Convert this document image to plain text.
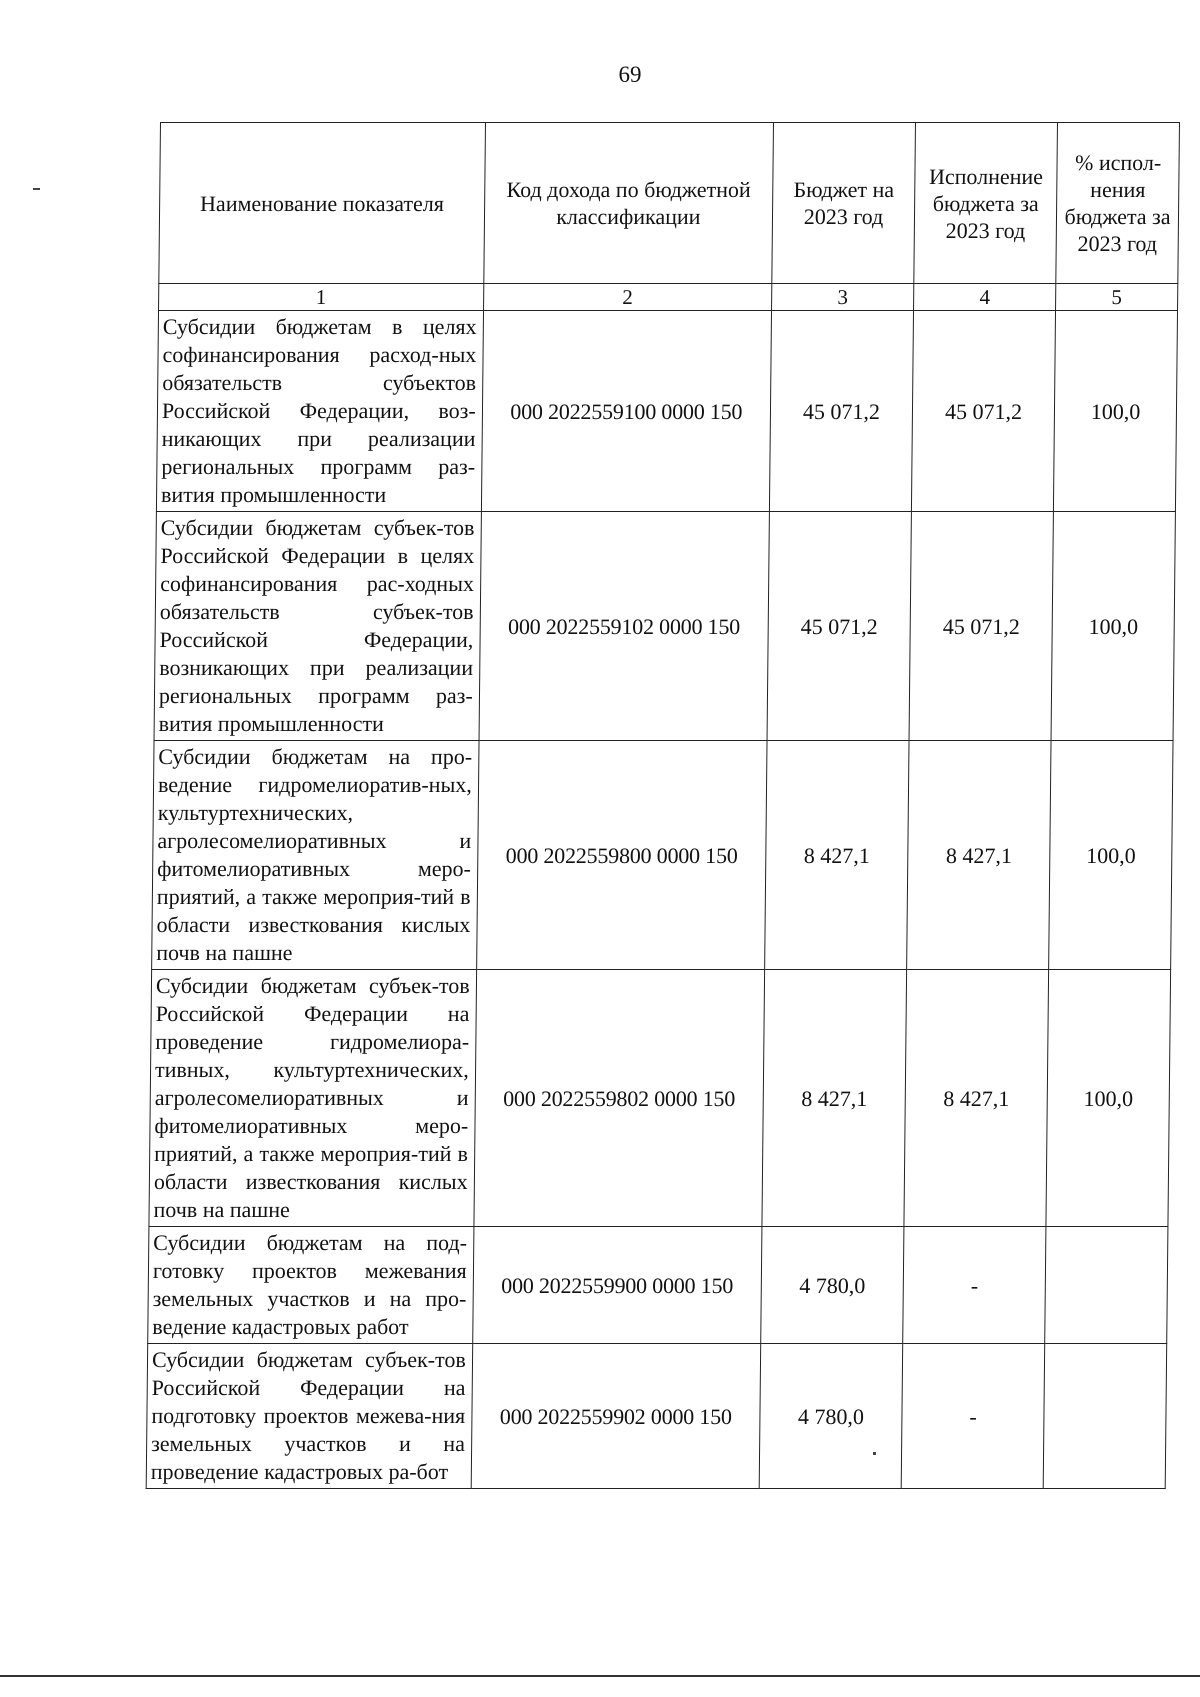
69
Наименование показателя	Код дохода по бюджетной классификации	Бюджет на 2023 год	Исполнение бюджета за 2023 год	% испол-нения бюджета за 2023 год
1	2	3	4	5
Субсидии бюджетам в целях софинансирования расход-ных обязательств субъектов Российской Федерации, воз-никающих при реализации региональных программ раз-вития промышленности	000 2022559100 0000 150	45 071,2	45 071,2	100,0
Субсидии бюджетам субъек-тов Российской Федерации в целях софинансирования рас-ходных обязательств субъек-тов Российской Федерации, возникающих при реализации региональных программ раз-вития промышленности	000 2022559102 0000 150	45 071,2	45 071,2	100,0
Субсидии бюджетам на про-ведение гидромелиоратив-ных, культуртехнических, агролесомелиоративных и фитомелиоративных меро-приятий, а также мероприя-тий в области известкования кислых почв на пашне	000 2022559800 0000 150	8 427,1	8 427,1	100,0
Субсидии бюджетам субъек-тов Российской Федерации на проведение гидромелиора-тивных, культуртехнических, агролесомелиоративных и фитомелиоративных меро-приятий, а также мероприя-тий в области известкования кислых почв на пашне	000 2022559802 0000 150	8 427,1	8 427,1	100,0
Субсидии бюджетам на под-готовку проектов межевания земельных участков и на про-ведение кадастровых работ	000 2022559900 0000 150	4 780,0	-	
Субсидии бюджетам субъек-тов Российской Федерации на подготовку проектов межева-ния земельных участков и на проведение кадастровых ра-бот	000 2022559902 0000 150	4 780,0	-	
